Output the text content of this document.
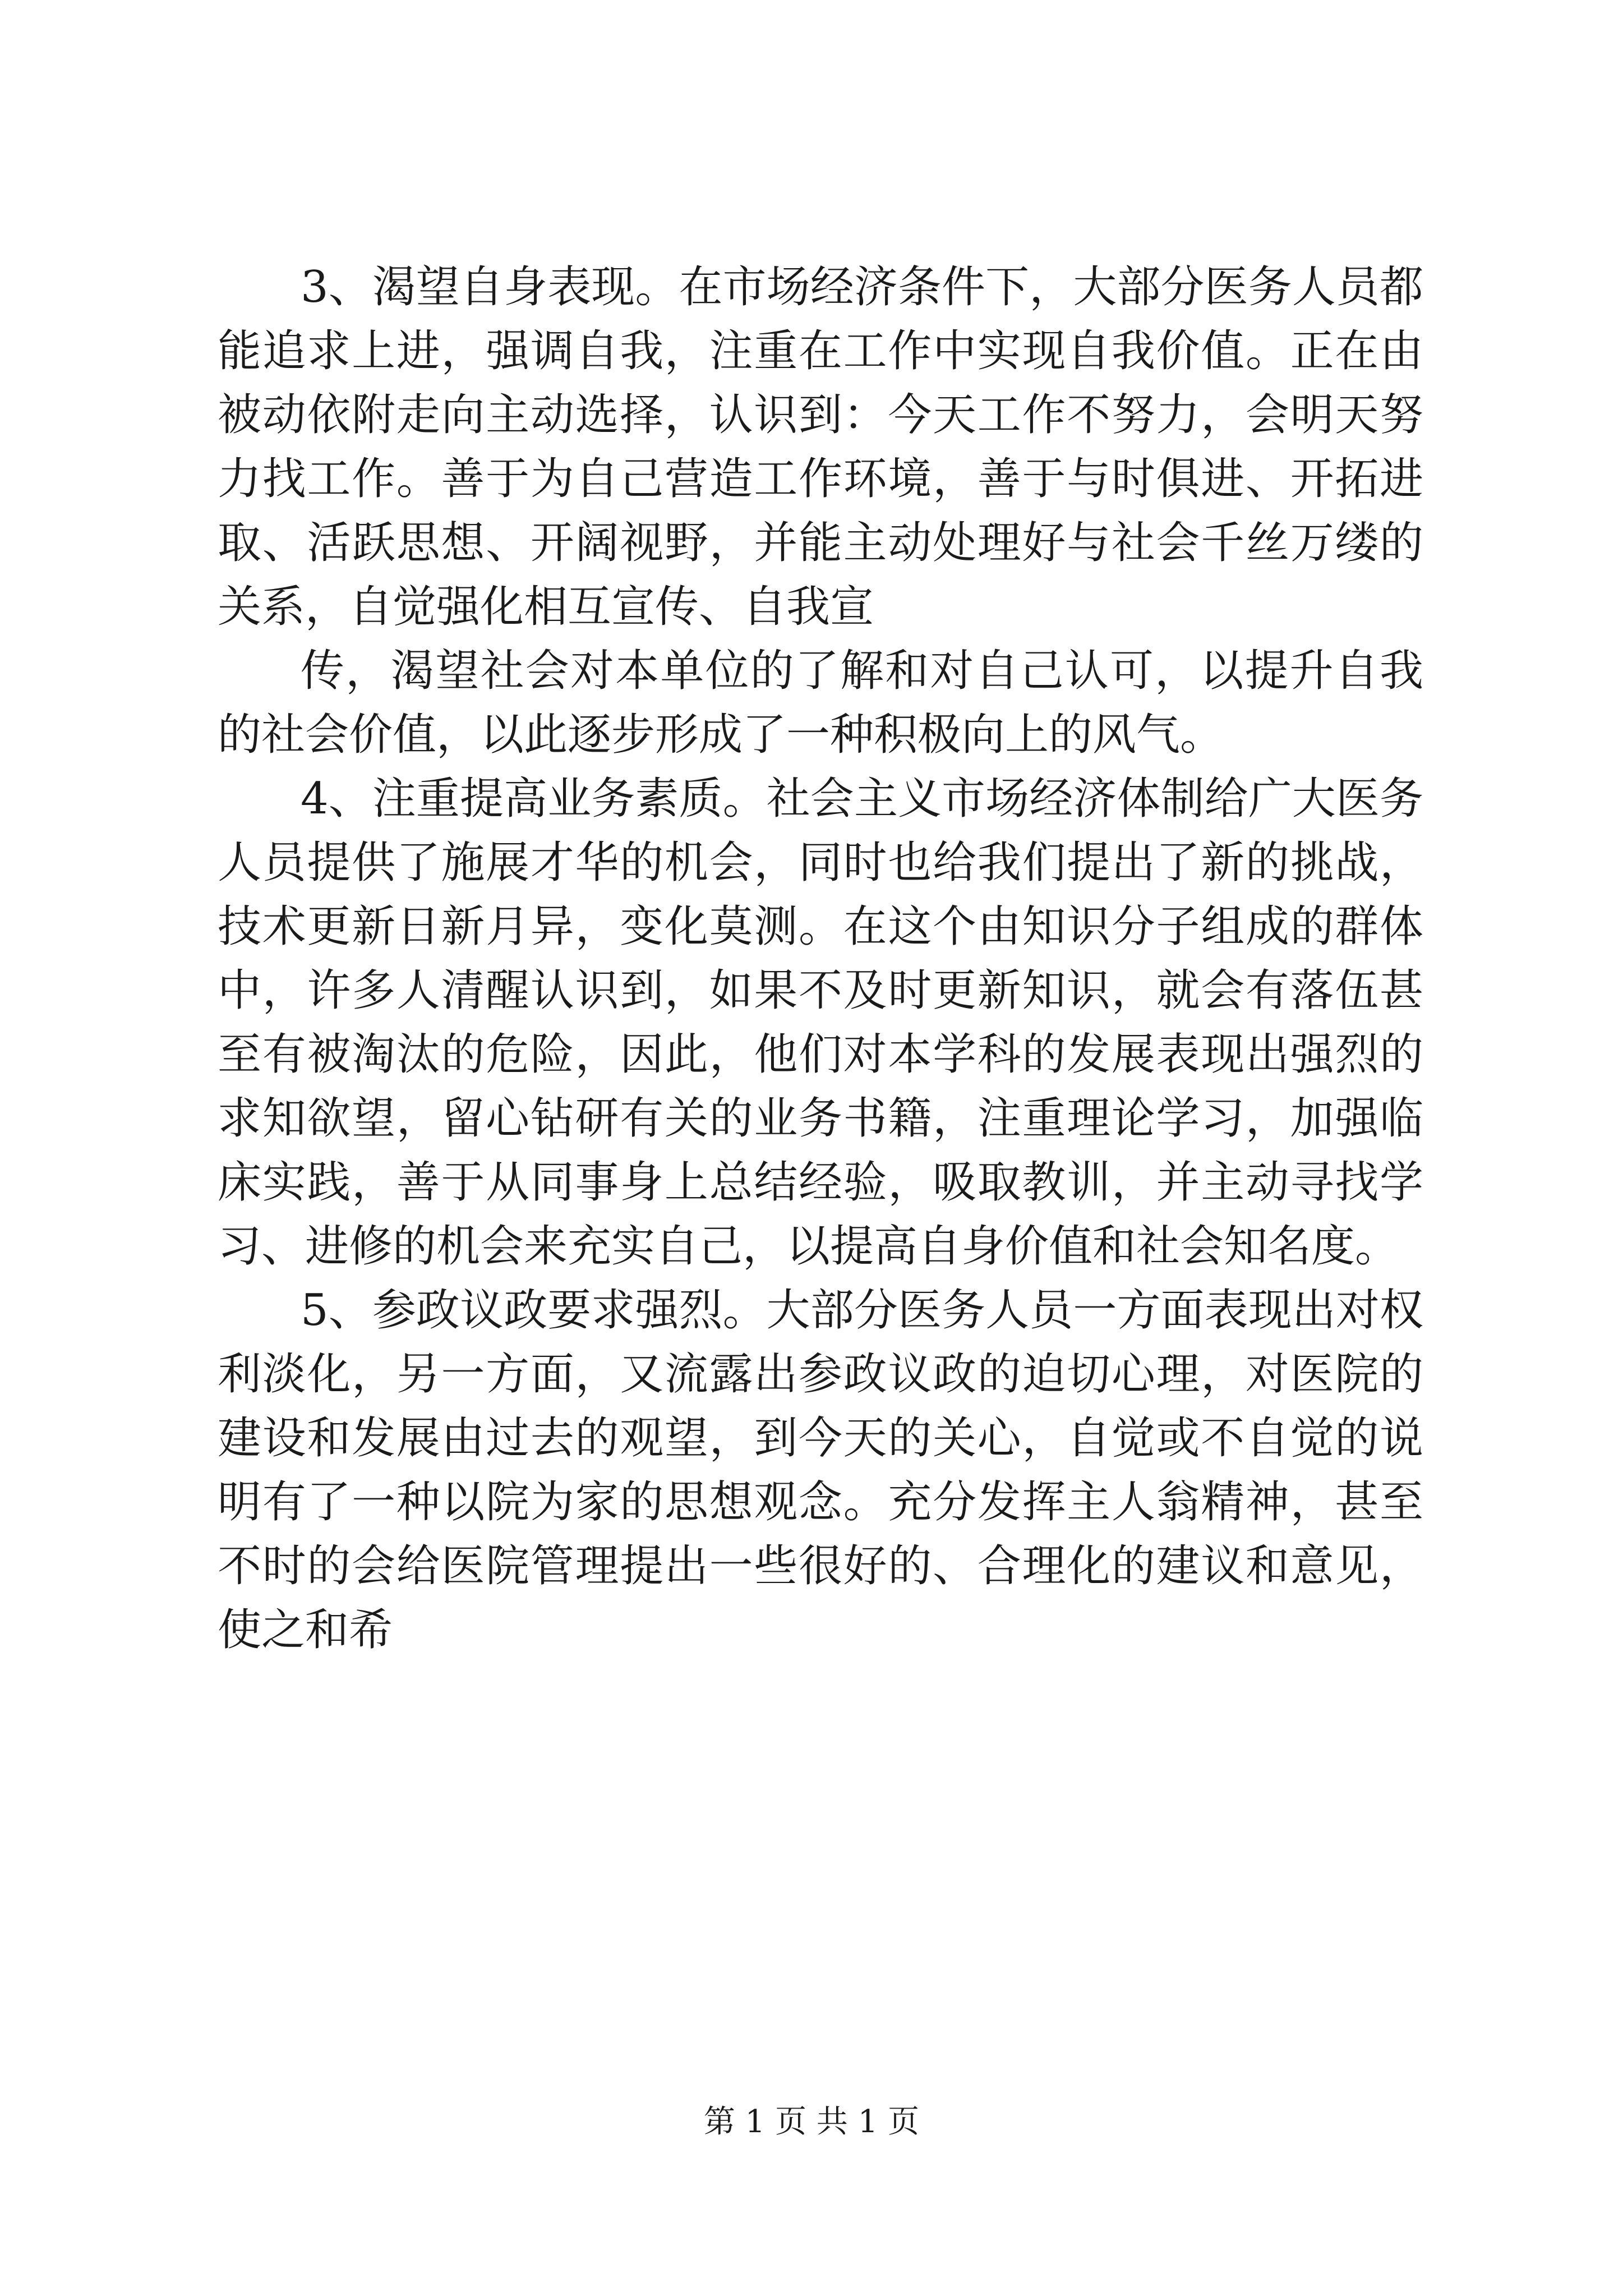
3、渴望自身表现。在市场经济条件下，大部分医务人员都能追求上进，强调自我，注重在工作中实现自我价值。正在由被动依附走向主动选择，认识到：今天工作不努力，会明天努力找工作。善于为自己营造工作环境，善于与时俱进、开拓进取、活跃思想、开阔视野，并能主动处理好与社会千丝万缕的关系，自觉强化相互宣传、自我宣

传，渴望社会对本单位的了解和对自己认可，以提升自我的社会价值，以此逐步形成了一种积极向上的风气。

4、注重提高业务素质。社会主义市场经济体制给广大医务人员提供了施展才华的机会，同时也给我们提出了新的挑战，技术更新日新月异，变化莫测。在这个由知识分子组成的群体中，许多人清醒认识到，如果不及时更新知识，就会有落伍甚至有被淘汰的危险，因此，他们对本学科的发展表现出强烈的求知欲望，留心钻研有关的业务书籍，注重理论学习，加强临床实践，善于从同事身上总结经验，吸取教训，并主动寻找学习、进修的机会来充实自己，以提高自身价值和社会知名度。

5、参政议政要求强烈。大部分医务人员一方面表现出对权利淡化，另一方面，又流露出参政议政的迫切心理，对医院的建设和发展由过去的观望，到今天的关心，自觉或不自觉的说明有了一种以院为家的思想观念。充分发挥主人翁精神，甚至不时的会给医院管理提出一些很好的、合理化的建议和意见，使之和希

第 1 页 共 1 页
